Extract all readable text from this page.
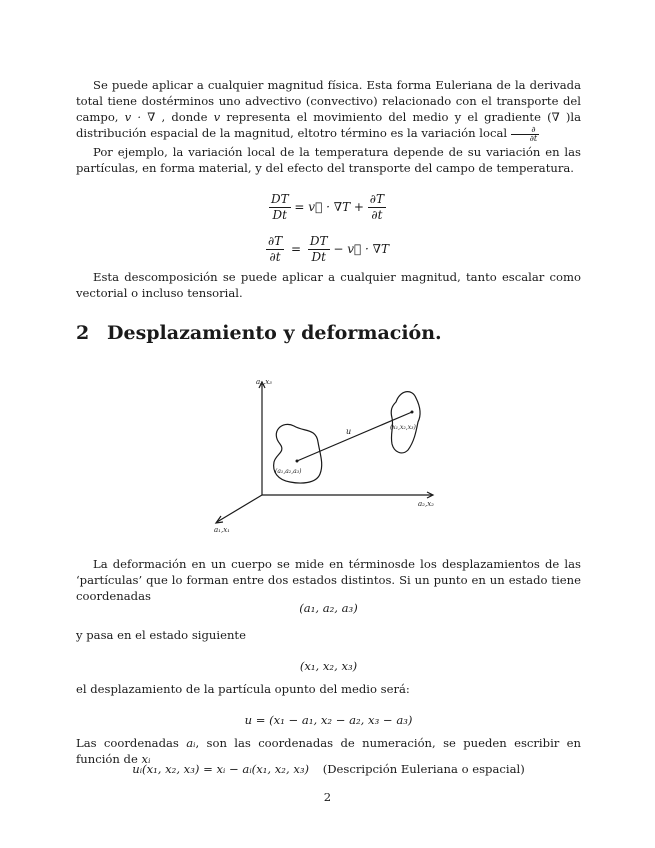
Se puede aplicar a cualquier magnitud física. Esta forma Euleriana de la derivada total tiene dostérminos uno advectivo (convectivo) relacionado con el transporte del campo, v · ∇ , donde v representa el movimiento del medio y el gradiente (∇ )la distribución espacial de la magnitud, eltotro término es la variación local $\frac{\partial}{\partial t}$

Por ejemplo, la variación local de la temperatura depende de su variación en las partículas, en forma material, y del efecto del transporte del campo de temperatura.

$\frac{DT}{Dt}$ = v⃗ · $\nabla T + \frac{\partial T}{\partial t}$
$\frac{\partial T}{\partial t} = \frac{DT}{Dt}$ − v⃗ · ∇T

Esta descomposición se puede aplicar a cualquier magnitud, tanto escalar como vectorial o incluso tensorial.

2 Desplazamiento y deformación.
a₃,x₃
a₂,x₂
a₁,x₁
u
(a₁,a₂,a₃)
(x₁,x₂,x₃)

La deformación en un cuerpo se mide en términosde los desplazamientos de las ‘partículas’ que lo forman entre dos estados distintos. Si un punto en un estado tiene coordenadas

(a₁, a₂, a₃)

y pasa en el estado siguiente

(x₁, x₂, x₃)

el desplazamiento de la partícula opunto del medio será:

u = (x₁ − a₁, x₂ − a₂, x₃ − a₃)

Las coordenadas aᵢ, son las coordenadas de numeración, se pueden escribir en función de xᵢ

uᵢ(x₁, x₂, x₃) = xᵢ − aᵢ(x₁, x₂, x₃) (Descripción Euleriana o espacial)
2
